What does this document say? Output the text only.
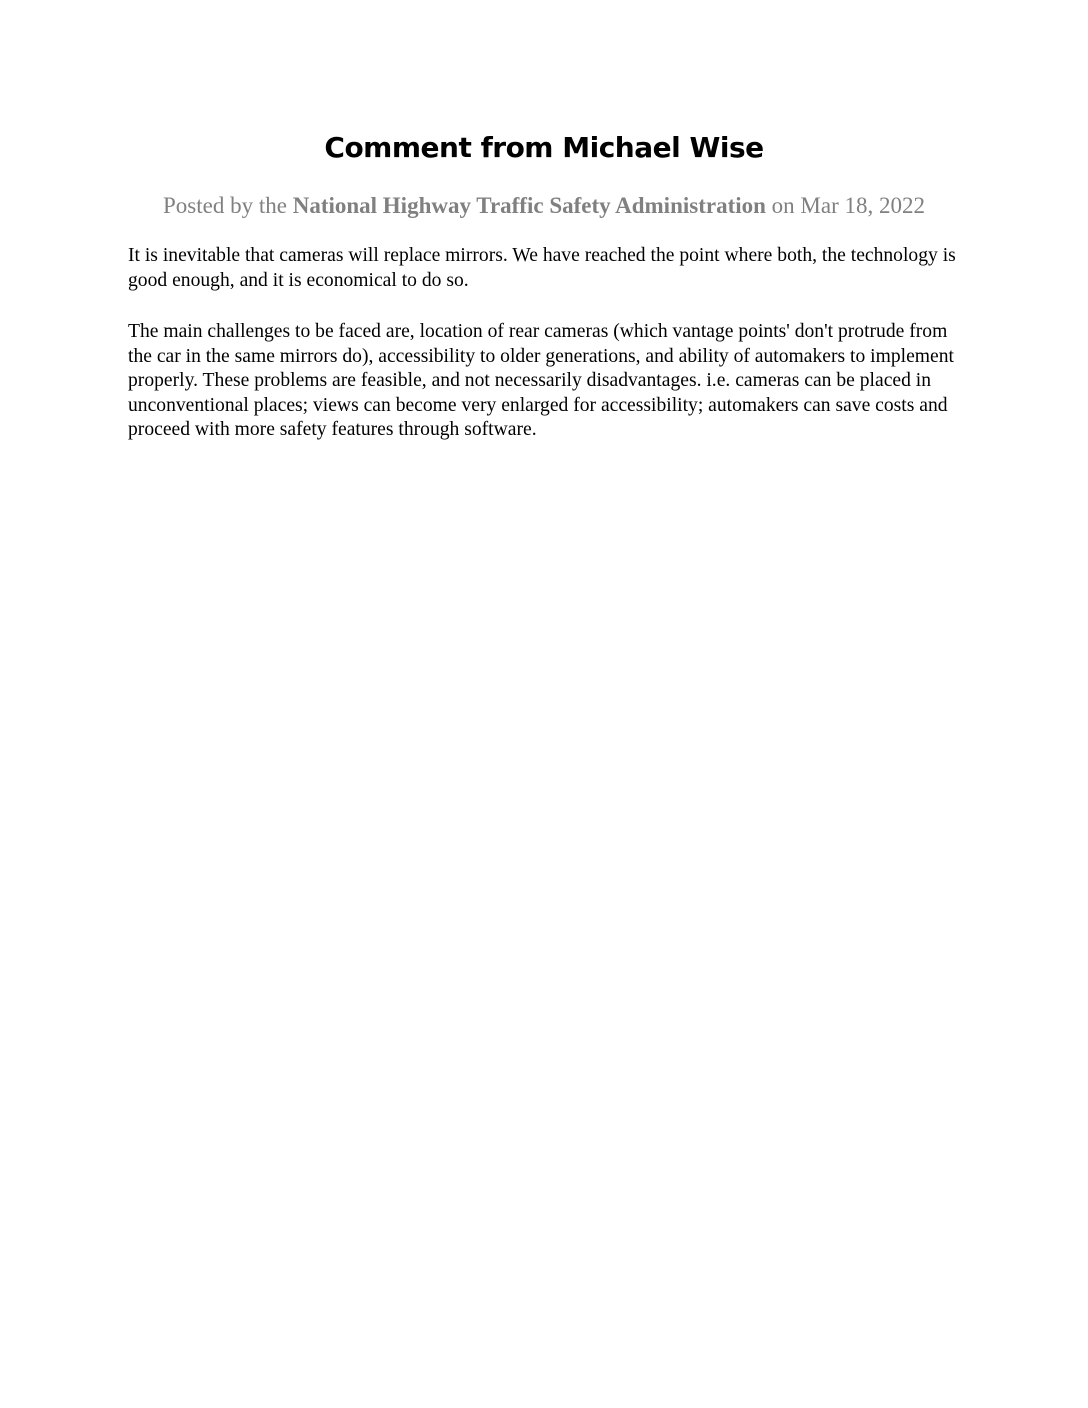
Comment from Michael Wise

Posted by the National Highway Traffic Safety Administration on Mar 18, 2022

It is inevitable that cameras will replace mirrors. We have reached the point where both, the technology is good enough, and it is economical to do so.

The main challenges to be faced are, location of rear cameras (which vantage points' don't protrude from the car in the same mirrors do), accessibility to older generations, and ability of automakers to implement properly. These problems are feasible, and not necessarily disadvantages. i.e. cameras can be placed in unconventional places; views can become very enlarged for accessibility; automakers can save costs and proceed with more safety features through software.
